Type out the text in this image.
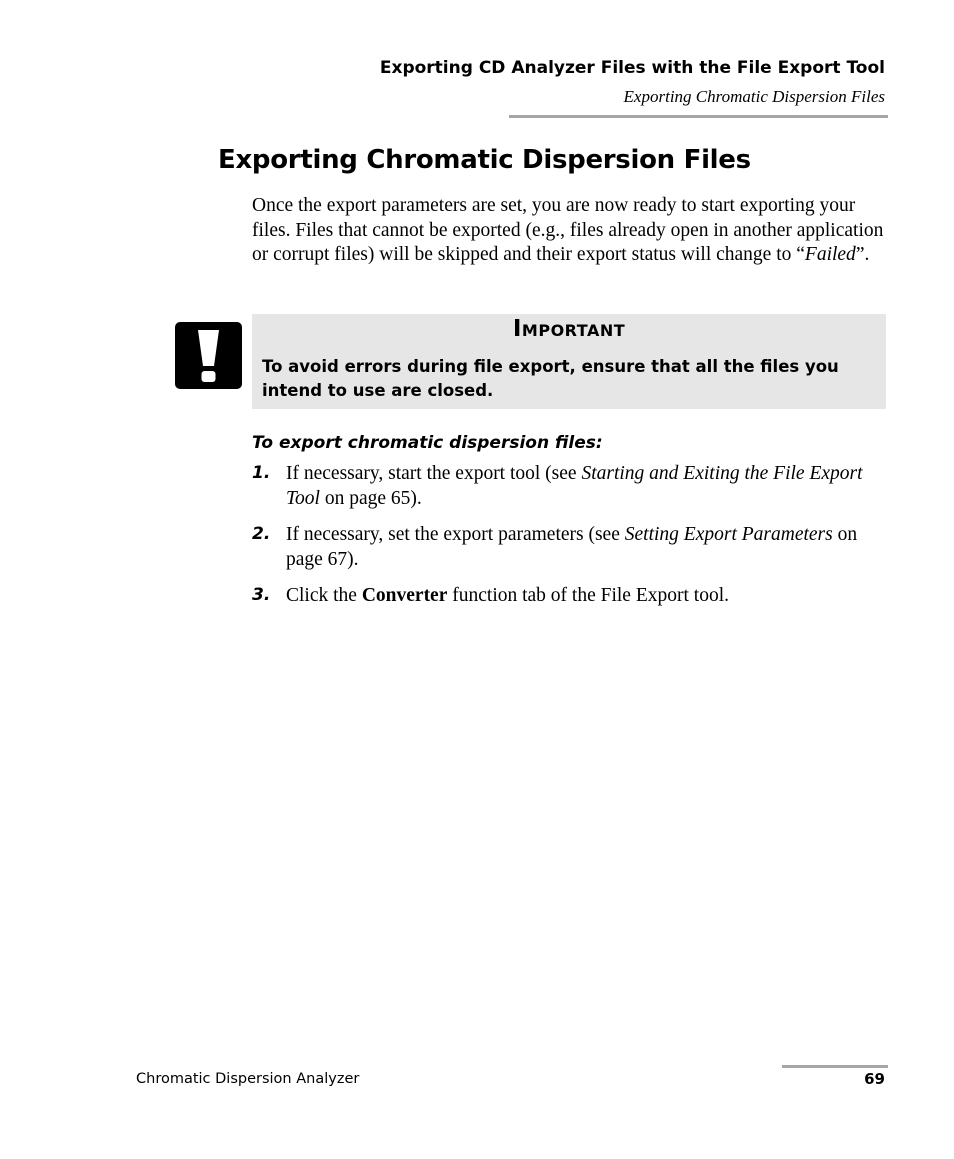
Exporting CD Analyzer Files with the File Export Tool
Exporting Chromatic Dispersion Files
Exporting Chromatic Dispersion Files

Once the export parameters are set, you are now ready to start exporting your files. Files that cannot be exported (e.g., files already open in another application or corrupt files) will be skipped and their export status will change to “Failed”.

Important

To avoid errors during file export, ensure that all the files you intend to use are closed.

To export chromatic dispersion files:

1. If necessary, start the export tool (see Starting and Exiting the File Export Tool on page 65).

2. If necessary, set the export parameters (see Setting Export Parameters on page 67).

3. Click the Converter function tab of the File Export tool.

Chromatic Dispersion Analyzer	69
